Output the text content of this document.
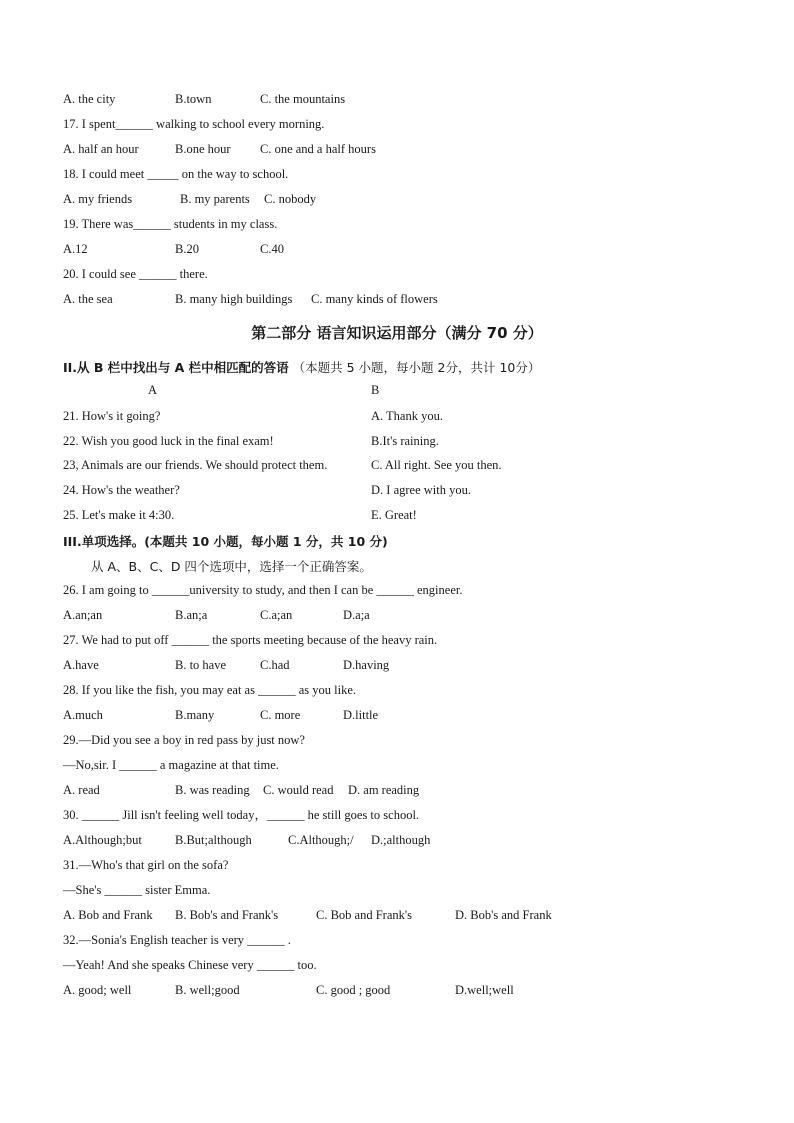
A. the city	B.town	C. the mountains
17. I spent______ walking to school every morning.
A. half an hour	B.one hour C. one and a half hours
18. I could meet _____ on the way to school.
A. my friends	B. my parents C. nobody
19. There was______ students in my class.
A.12	B.20	C.40
20. I could see ______ there.
A. the sea	B. many high buildings C. many kinds of flowers
第二部分 语言知识运用部分（满分 70 分）
II.从 B 栏中找出与 A 栏中相匹配的答语 （本题共 5 小题，每小题 2分，共计 10分）
A	B
21. How's it going?	A. Thank you.
22. Wish you good luck in the final exam!	B.It's raining.
23, Animals are our friends. We should protect them.	C. All right. See you then.
24. How's the weather?	D. I agree with you.
25. Let's make it 4:30.	E. Great!
III.单项选择。(本题共 10 小题，每小题 1 分，共 10 分)
从 A、B、C、D 四个选项中，选择一个正确答案。
26. I am going to ______university to study, and then I can be ______ engineer.
A.an;an	B.an;a	C.a;an	D.a;a
27. We had to put off ______ the sports meeting because of the heavy rain.
A.have	B. to have	C.had	D.having
28. If you like the fish, you may eat as ______ as you like.
A.much	B.many	C. more	D.little
29.—Did you see a boy in red pass by just now?
—No,sir. I ______ a magazine at that time.
A. read	B. was reading C. would read D. am reading
30. ______ Jill isn't feeling well today，______ he still goes to school.
A.Although;but	B.But;although	C.Although;/ D.;although
31.—Who's that girl on the sofa?
—She's ______ sister Emma.
A. Bob and Frank B. Bob's and Frank's	C. Bob and Frank's	D. Bob's and Frank
32.—Sonia's English teacher is very ______ .
—Yeah! And she speaks Chinese very ______ too.
A. good; well	B. well;good	C. good ; good	D.well;well
